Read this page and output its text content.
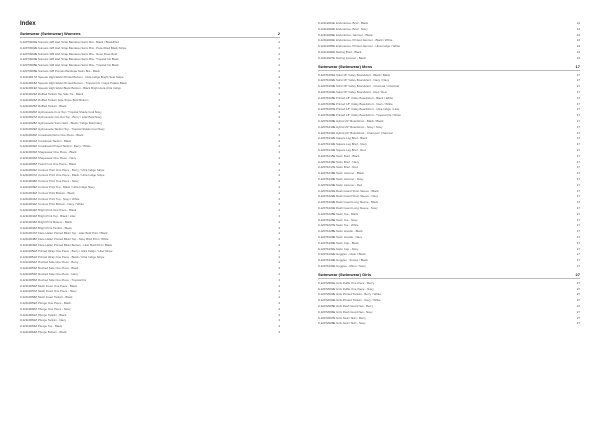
Index
Swimwear (Swimwear) Womens	2
0-12073001E Sunsets 428 Hart Strap Bandeau Swim Bra - Black / Black/Red	2
0-12073002E Sunsets 428 Hart Strap Bandeau Swim Bra - Paper/Red Black Stripe	2
0-12073003E Sunsets 428 Hart Strap Bandeau Swim Bra - Neon Rose Bold	2
0-12073004E Sunsets 428 Hart Strap Bandeau Swim Bra - Tropical Iris Black	2
0-12073005E Sunsets 428 Hart Strap Bandeau Swim Bra - Tropical Iris Black	2
0-12073006E Sunsets 428 Pomelo Bandeau Swim Bra - Black	2
0-12110017Z Speedo High-Waist Printed Bottom - Ultra Indigo Bright Seat Stripe	3
0-12110018Z Speedo High-Waist Printed Bottom - Tropical Iris / Gaya Palace Black	3
0-12110019Z Speedo High-Waist Black Bottom - Black Bright Aura Ultra Indigo	3
0-12110023Z Ruffled Tankini Top Side Tie - Black	3
0-12110024Z Ruffled Tankini Side Stripe Bold Bottom	3
0-12110025Z Ruffled Tankini - Black	3
0-12110026Z Hydrosuede Knot Top / Tropical Shade Cool Navy	3
0-12110027Z Hydrosuede Cut-Out Top - Berry / Lilac Bold Navy	3
0-12110028Z Hydrosuede Swim Skirt - Black / Indigo Bold Navy	3
0-12110029Z Hydrosuede Tankini Top - Tropical Shade Cool Navy	3
0-12110030Z Crossback Retro One Piece - Black	3
0-12110031Z Crossback Tankini - Black	3
0-12110032Z Crossback Printed Tankini - Berry / White	4
0-12110033Z Shapewear One Piece - Black	4
0-12110034Z Shapewear One Piece - Navy	4
0-12110035Z Twist Front One Piece - Black	4
0-12110036Z Contour Print One Piece - Berry / Ultra Indigo Stripe	4
0-12110037Z Contour Print One Piece - Black / Ultra Indigo Stripe	4
0-12110038Z Contour Print One Piece - Navy	4
0-12110039Z Contour Print Top - Black / Ultra Indigo Navy	4
0-12110040Z Contour Print Bottom - Black	4
0-12110041Z Contour Print Top - Navy / White	4
0-12110042Z Contour Print Bottom - Navy / White	4
0-12110043Z Bright Print One Piece - Black	4
0-12110044Z Bright Print Top - Black / Lilac	4
0-12110045Z Bright Print Bottom - Black	4
0-12110046Z Bright Print Tankini - Black	4
0-12110047Z Flare Halter Printed Bikini Top - Lilac Bold Print / Black	4
0-12110048Z Flare Halter Printed Bikini Top - Navy Bold Print / White	4
0-12110049Z Flare Halter Printed Bikini Bottom - Lilac Bold Print / Black	4
0-12110050Z Printed Wrap One Piece - Berry / Ultra Indigo / Lilac Stripe	4
0-12110051Z Printed Wrap One Piece - Black / Ultra Indigo Stripe	4
0-12110052Z Ruched Side One Piece - Berry	4
0-12110053Z Ruched Side One Piece - Black	4
0-12110054Z Ruched Side One Piece - Navy	4
0-12110055Z Ruched Side One Piece - Tropical Iris	4
0-12110056Z Mesh Insert One Piece - Black	4
0-12110057Z Mesh Insert One Piece - Navy	4
0-12110058Z Mesh Insert Tankini - Black	4
0-12110059Z Plunge One Piece - Black	4
0-12110060Z Plunge One Piece - Navy	4
0-12110061Z Plunge Tankini - Black	4
0-12110062Z Plunge Tankini - Navy	4
0-12110063Z Plunge Top - Black	4
0-12110064Z Plunge Bottom - Black	4
0-12111001E Endurance+ Brief - Black	14
0-12111002E Endurance+ Brief - Navy	14
0-12111003E Endurance+ Jammer - Black	14
0-12111004E Endurance+ Printed Jammer - Black / White	14
0-12111005E Endurance+ Printed Jammer - Ultra Indigo / White	14
0-12111006E Racing Brief - Black	14
0-12111007E Racing Jammer - Black	14
Swimwear (Swimwear) Mens	17
0-12071001E Solid 18" Volley Boardshort - Black / Black	17
0-12071002E Solid 18" Volley Boardshort - Navy / Navy	17
0-12071003E Solid 18" Volley Boardshort - Charcoal / Charcoal	17
0-12071004E Solid 18" Volley Boardshort - Red / Red	17
0-12071005E Printed 18" Volley Boardshort - Black / White	17
0-12071006E Printed 18" Volley Boardshort - Navy / White	17
0-12071007E Printed 18" Volley Boardshort - Ultra Indigo / Lilac	17
0-12071008E Printed 18" Volley Boardshort - Tropical Iris / White	17
0-12071009E Hybrid 20" Boardshort - Black / Black	17
0-12071010E Hybrid 20" Boardshort - Navy / Navy	17
0-12071011E Hybrid 20" Boardshort - Charcoal / Charcoal	17
0-12071012E Square Leg Brief - Black	17
0-12071013E Square Leg Brief - Navy	17
0-12071014E Square Leg Brief - Red	17
0-12071015E Swim Brief - Black	17
0-12071016E Swim Brief - Navy	17
0-12071017E Swim Brief - Red	17
0-12071018E Swim Jammer - Black	17
0-12071019E Swim Jammer - Navy	17
0-12071020E Swim Jammer - Red	17
0-12071021E Rash Guard Short Sleeve - Black	17
0-12071022E Rash Guard Short Sleeve - Navy	17
0-12071023E Rash Guard Long Sleeve - Black	17
0-12071024E Rash Guard Long Sleeve - Navy	17
0-12071025E Swim Tee - Black	17
0-12071026E Swim Tee - Navy	17
0-12071027E Swim Tee - White	17
0-12071028E Swim Hoodie - Black	17
0-12071029E Swim Hoodie - Navy	17
0-12071030E Swim Cap - Black	17
0-12071031E Swim Cap - Navy	17
0-12071032E Goggles - Clear / Black	17
0-12071033E Goggles - Smoke / Black	17
0-12071034E Goggles - Mirror / Navy	17
Swimwear (Swimwear) Girls	27
0-12072001E Girls Ruffle One Piece - Berry	27
0-12072002E Girls Ruffle One Piece - Navy	27
0-12072003E Girls Printed Tankini - Berry / White	27
0-12072004E Girls Printed Tankini - Navy / White	27
0-12072005E Girls Rash Guard Set - Berry	27
0-12072006E Girls Rash Guard Set - Navy	27
0-12072007E Girls Swim Skirt - Berry	27
0-12072008E Girls Swim Skirt - Navy	27
